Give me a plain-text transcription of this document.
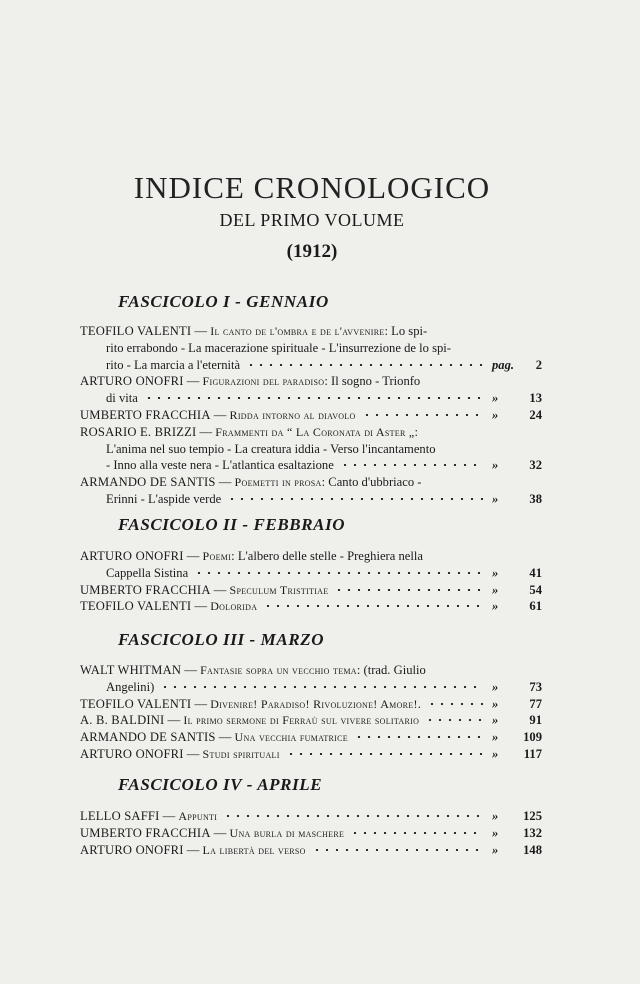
INDICE CRONOLOGICO
DEL PRIMO VOLUME
(1912)
FASCICOLO I - GENNAIO
TEOFILO VALENTI — Il canto de l'ombra e de l'avvenire: Lo spi-
rito errabondo - La macerazione spirituale - L'insurrezione de lo spi-
rito - La marcia a l'eternità	pag. 2
ARTURO ONOFRI — Figurazioni del paradiso: Il sogno - Trionfo
di vita	» 13
UMBERTO FRACCHIA — Ridda intorno al diavolo	» 24
ROSARIO E. BRIZZI — Frammenti da “ La Coronata di Aster „:
L'anima nel suo tempio - La creatura iddia - Verso l'incantamento
- Inno alla veste nera - L'atlantica esaltazione	» 32
ARMANDO DE SANTIS — Poemetti in prosa: Canto d'ubbriaco -
Erinni - L'aspide verde	» 38
FASCICOLO II - FEBBRAIO
ARTURO ONOFRI — Poemi: L'albero delle stelle - Preghiera nella
Cappella Sistina	» 41
UMBERTO FRACCHIA — Speculum Tristitiae	» 54
TEOFILO VALENTI — Dolorida	» 61
FASCICOLO III - MARZO
WALT WHITMAN — Fantasie sopra un vecchio tema: (trad. Giulio
Angelini)	» 73
TEOFILO VALENTI — Divenire! Paradiso! Rivoluzione! Amore!.	» 77
A. B. BALDINI — Il primo sermone di Ferraù sul vivere solitario	» 91
ARMANDO DE SANTIS — Una vecchia fumatrice	» 109
ARTURO ONOFRI — Studi spirituali	» 117
FASCICOLO IV - APRILE
LELLO SAFFI — Appunti	» 125
UMBERTO FRACCHIA — Una burla di maschere	» 132
ARTURO ONOFRI — La libertà del verso	» 148
